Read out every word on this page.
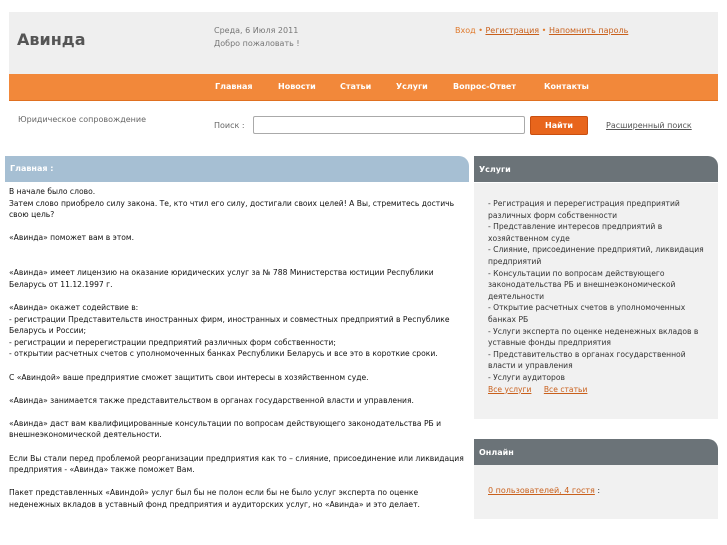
Авинда	Среда, 6 Июля 2011
Добро пожаловать !
Вход • Регистрация • Напомнить пароль
Главная	Новости	Статьи	Услуги	Вопрос-Ответ	Контакты
Юридическое сопровождение
Поиск :	Найти	Расширенный поиск
Главная :
В начале было слово.

Затем слово приобрело силу закона. Те, кто чтил его силу, достигали своих целей! А Вы, стремитесь достичь свою цель?

«Авинда» поможет вам в этом.

«Авинда» имеет лицензию на оказание юридических услуг за № 788 Министерства юстиции Республики Беларусь от 11.12.1997 г.

«Авинда» окажет содействие в:
- регистрации Представительств иностранных фирм, иностранных и совместных предприятий в Республике Беларусь и России;
- регистрации и перерегистрации предприятий различных форм собственности;

- открытии расчетных счетов с уполномоченных банках Республики Беларусь и все это в короткие сроки.

С «Авиндой» ваше предприятие сможет защитить свои интересы в хозяйственном суде.

«Авинда» занимается также представительством в органах государственной власти и управления.

«Авинда» даст вам квалифицированные консультации по вопросам действующего законодательства РБ и внешнеэкономической деятельности.

Если Вы стали перед проблемой реорганизации предприятия как то – слияние, присоединение или ликвидация предприятия - «Авинда» также поможет Вам.

Пакет представленных «Авиндой» услуг был бы не полон если бы не было услуг эксперта по оценке неденежных вкладов в уставный фонд предприятия и аудиторских услуг, но «Авинда» и это делает.

Услуги
- Регистрация и перерегистрация предприятий различных форм собственности
- Представление интересов предприятий в хозяйственном суде
- Слияние, присоединение предприятий, ликвидация предприятий
- Консультации по вопросам действующего законодательства РБ и внешнеэкономической деятельности
- Открытие расчетных счетов в уполномоченных банках РБ
- Услуги эксперта по оценке неденежных вкладов в уставные фонды предприятия
- Представительство в органах государственной власти и управления
- Услуги аудиторов
Все услуги Все статьи
Онлайн
0 пользователей, 4 гостя :
